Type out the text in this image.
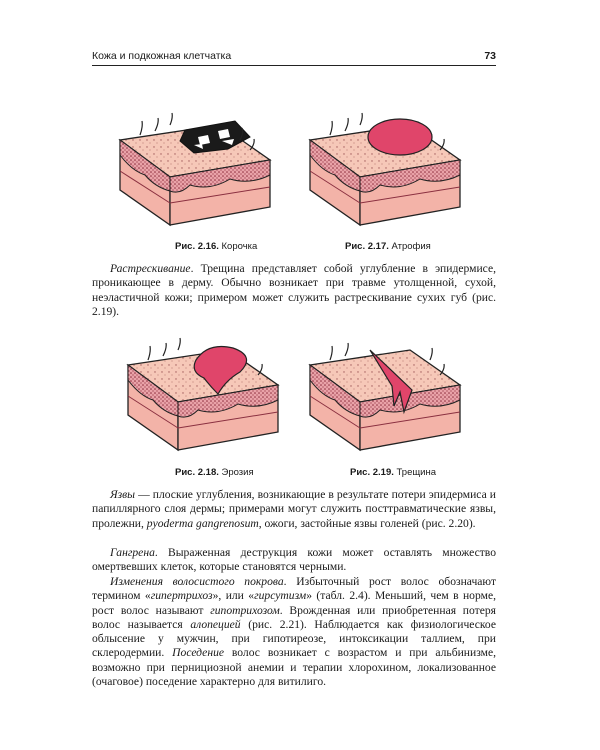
Кожа и подкожная клетчатка	73
Рис. 2.16. Корочка	Рис. 2.17. Атрофия

Растрескивание. Трещина представляет собой углубление в эпидермисе, проникающее в дерму. Обычно возникает при травме утолщенной, сухой, неэластичной кожи; примером может служить растрескивание сухих губ (рис. 2.19).

Рис. 2.18. Эрозия	Рис. 2.19. Трещина

Язвы — плоские углубления, возникающие в результате потери эпидермиса и папиллярного слоя дермы; примерами могут служить посттравматические язвы, пролежни, pyoderma gangrenosum, ожоги, застойные язвы голеней (рис. 2.20).

Гангрена. Выраженная деструкция кожи может оставлять множество омертвевших клеток, которые становятся черными.

Изменения волосистого покрова. Избыточный рост волос обозначают термином «гипертрихоз», или «гирсутизм» (табл. 2.4). Меньший, чем в норме, рост волос называют гипотрихозом. Врожденная или приобретенная потеря волос называется алопецией (рис. 2.21). Наблюдается как физиологическое облысение у мужчин, при гипотиреозе, интоксикации таллием, при склеродермии. Поседение волос возникает с возрастом и при альбинизме, возможно при пернициозной анемии и терапии хлорохином, локализованное (очаговое) поседение характерно для витилиго.
